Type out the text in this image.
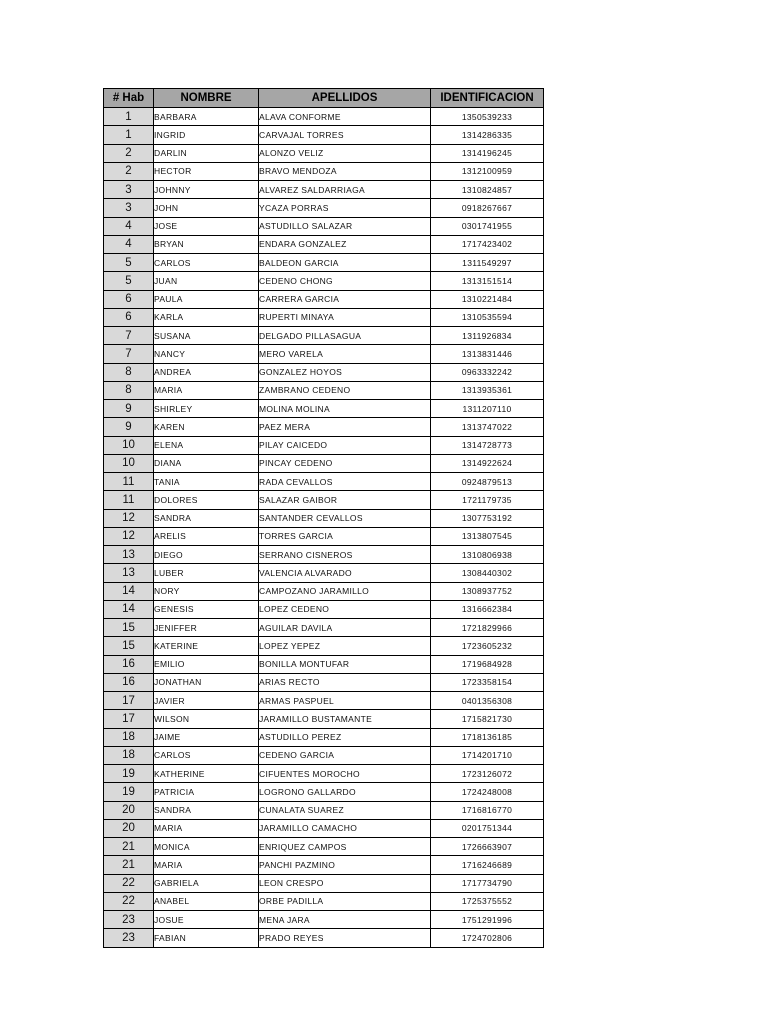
# Hab	NOMBRE	APELLIDOS	IDENTIFICACION
1	BARBARA	ALAVA CONFORME	1350539233
1	INGRID	CARVAJAL TORRES	1314286335
2	DARLIN	ALONZO VELIZ	1314196245
2	HECTOR	BRAVO MENDOZA	1312100959
3	JOHNNY	ALVAREZ SALDARRIAGA	1310824857
3	JOHN	YCAZA PORRAS	0918267667
4	JOSE	ASTUDILLO SALAZAR	0301741955
4	BRYAN	ENDARA GONZALEZ	1717423402
5	CARLOS	BALDEON GARCIA	1311549297
5	JUAN	CEDENO CHONG	1313151514
6	PAULA	CARRERA GARCIA	1310221484
6	KARLA	RUPERTI MINAYA	1310535594
7	SUSANA	DELGADO PILLASAGUA	1311926834
7	NANCY	MERO VARELA	1313831446
8	ANDREA	GONZALEZ HOYOS	0963332242
8	MARIA	ZAMBRANO CEDENO	1313935361
9	SHIRLEY	MOLINA MOLINA	1311207110
9	KAREN	PAEZ MERA	1313747022
10	ELENA	PILAY CAICEDO	1314728773
10	DIANA	PINCAY CEDENO	1314922624
11	TANIA	RADA CEVALLOS	0924879513
11	DOLORES	SALAZAR GAIBOR	1721179735
12	SANDRA	SANTANDER CEVALLOS	1307753192
12	ARELIS	TORRES GARCIA	1313807545
13	DIEGO	SERRANO CISNEROS	1310806938
13	LUBER	VALENCIA ALVARADO	1308440302
14	NORY	CAMPOZANO JARAMILLO	1308937752
14	GENESIS	LOPEZ CEDENO	1316662384
15	JENIFFER	AGUILAR DAVILA	1721829966
15	KATERINE	LOPEZ YEPEZ	1723605232
16	EMILIO	BONILLA MONTUFAR	1719684928
16	JONATHAN	ARIAS RECTO	1723358154
17	JAVIER	ARMAS PASPUEL	0401356308
17	WILSON	JARAMILLO BUSTAMANTE	1715821730
18	JAIME	ASTUDILLO PEREZ	1718136185
18	CARLOS	CEDENO GARCIA	1714201710
19	KATHERINE	CIFUENTES MOROCHO	1723126072
19	PATRICIA	LOGRONO GALLARDO	1724248008
20	SANDRA	CUNALATA SUAREZ	1716816770
20	MARIA	JARAMILLO CAMACHO	0201751344
21	MONICA	ENRIQUEZ CAMPOS	1726663907
21	MARIA	PANCHI PAZMINO	1716246689
22	GABRIELA	LEON CRESPO	1717734790
22	ANABEL	ORBE PADILLA	1725375552
23	JOSUE	MENA JARA	1751291996
23	FABIAN	PRADO REYES	1724702806
